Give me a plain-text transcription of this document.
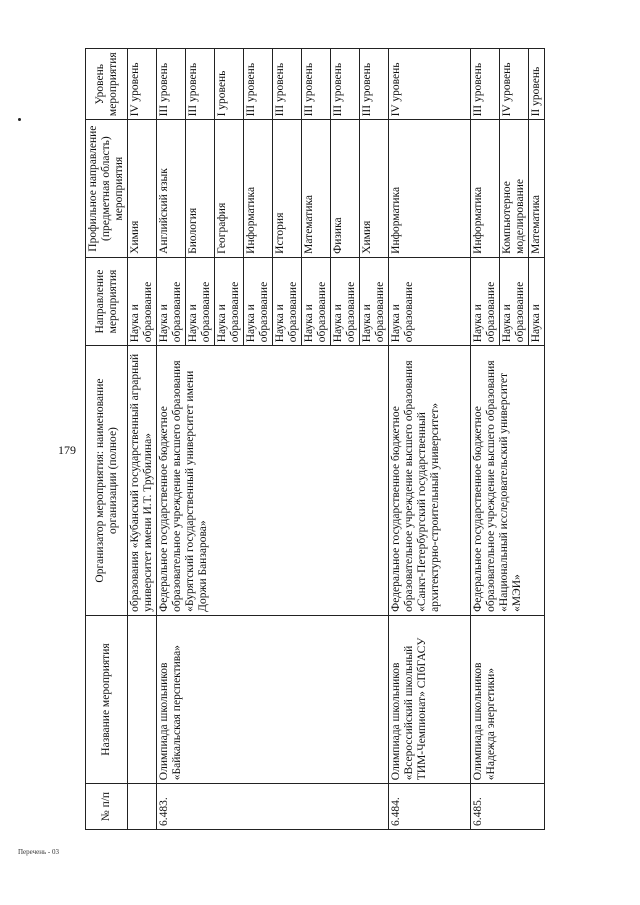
179
Перечень - 03
№ п/п	Название мероприятия	Организатор мероприятия: наименование организации (полное)	Направление мероприятия	Профильное направление (предметная область) мероприятия	Уровень мероприятия
		образования «Кубанский государственный аграрный университет имени И.Т. Трубилина»	Наука и образование	Химия	IV уровень
6.483.	Олимпиада школьников «Байкальская перспектива»	Федеральное государственное бюджетное образовательное учреждение высшего образования «Бурятский государственный университет имени Доржи Банзарова»	Наука и образование	Английский язык	III уровень
			Наука и образование	Биология	III уровень
			Наука и образование	География	I уровень
			Наука и образование	Информатика	III уровень
			Наука и образование	История	III уровень
			Наука и образование	Математика	III уровень
			Наука и образование	Физика	III уровень
			Наука и образование	Химия	III уровень
6.484.	Олимпиада школьников «Всероссийский школьный ТИМ-Чемпионат» СПбГАСУ	Федеральное государственное бюджетное образовательное учреждение высшего образования «Санкт-Петербургский государственный архитектурно-строительный университет»	Наука и образование	Информатика	IV уровень
6.485.	Олимпиада школьников «Надежда энергетики»	Федеральное государственное бюджетное образовательное учреждение высшего образования «Национальный исследовательский университет «МЭИ»	Наука и образование	Информатика	III уровень
			Наука и образование	Компьютерное моделирование	IV уровень
			Наука и	Математика	II уровень
